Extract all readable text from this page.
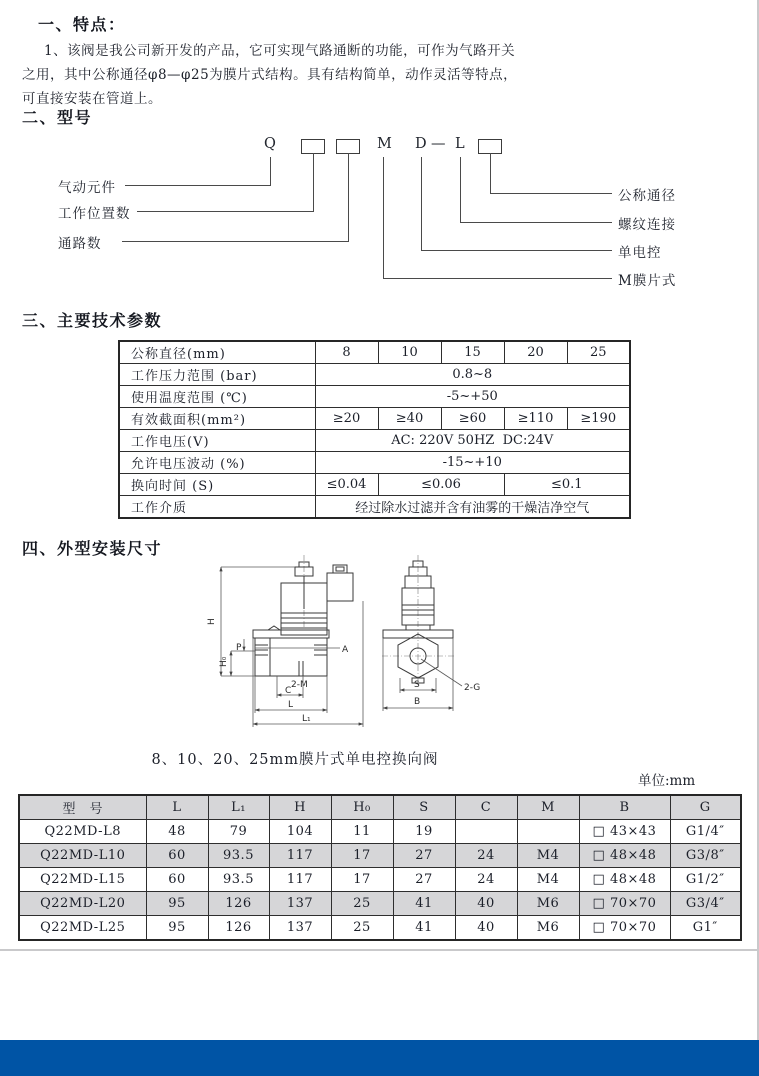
一、特点：
1、该阀是我公司新开发的产品，它可实现气路通断的功能，可作为气路开关
之用，其中公称通径φ8—φ25为膜片式结构。具有结构简单，动作灵活等特点，
可直接安装在管道上。
二、型号
Q	M D — L
气动元件
工作位置数
通路数
公称通径
螺纹连接
单电控
M膜片式
三、主要技术参数
公称直径(mm)	8	10	15	20	25
工作压力范围 (bar)	0.8~8				
使用温度范围 (℃)	-5~+50				
有效截面积(mm²)	≥20	≥40	≥60	≥110	≥190
工作电压(V)	AC: 220V 50HZ  DC:24V				
允许电压波动 (%)	-15~+10				
换向时间 (S)	≤0.04	≤0.06		≤0.1	
工作介质	经过除水过滤并含有油雾的干燥洁净空气				
四、外型安装尺寸
H
P
H₀
A
2-M
C
L
L₁
S
B
2-G
8、10、20、25mm膜片式单电控换向阀
单位:mm
型　号	L	L₁	H	H₀	S	C	M	B	G
Q22MD-L8	48	79	104	11	19			□ 43×43	G1/4″
Q22MD-L10	60	93.5	117	17	27	24	M4	□ 48×48	G3/8″
Q22MD-L15	60	93.5	117	17	27	24	M4	□ 48×48	G1/2″
Q22MD-L20	95	126	137	25	41	40	M6	□ 70×70	G3/4″
Q22MD-L25	95	126	137	25	41	40	M6	□ 70×70	G1″
